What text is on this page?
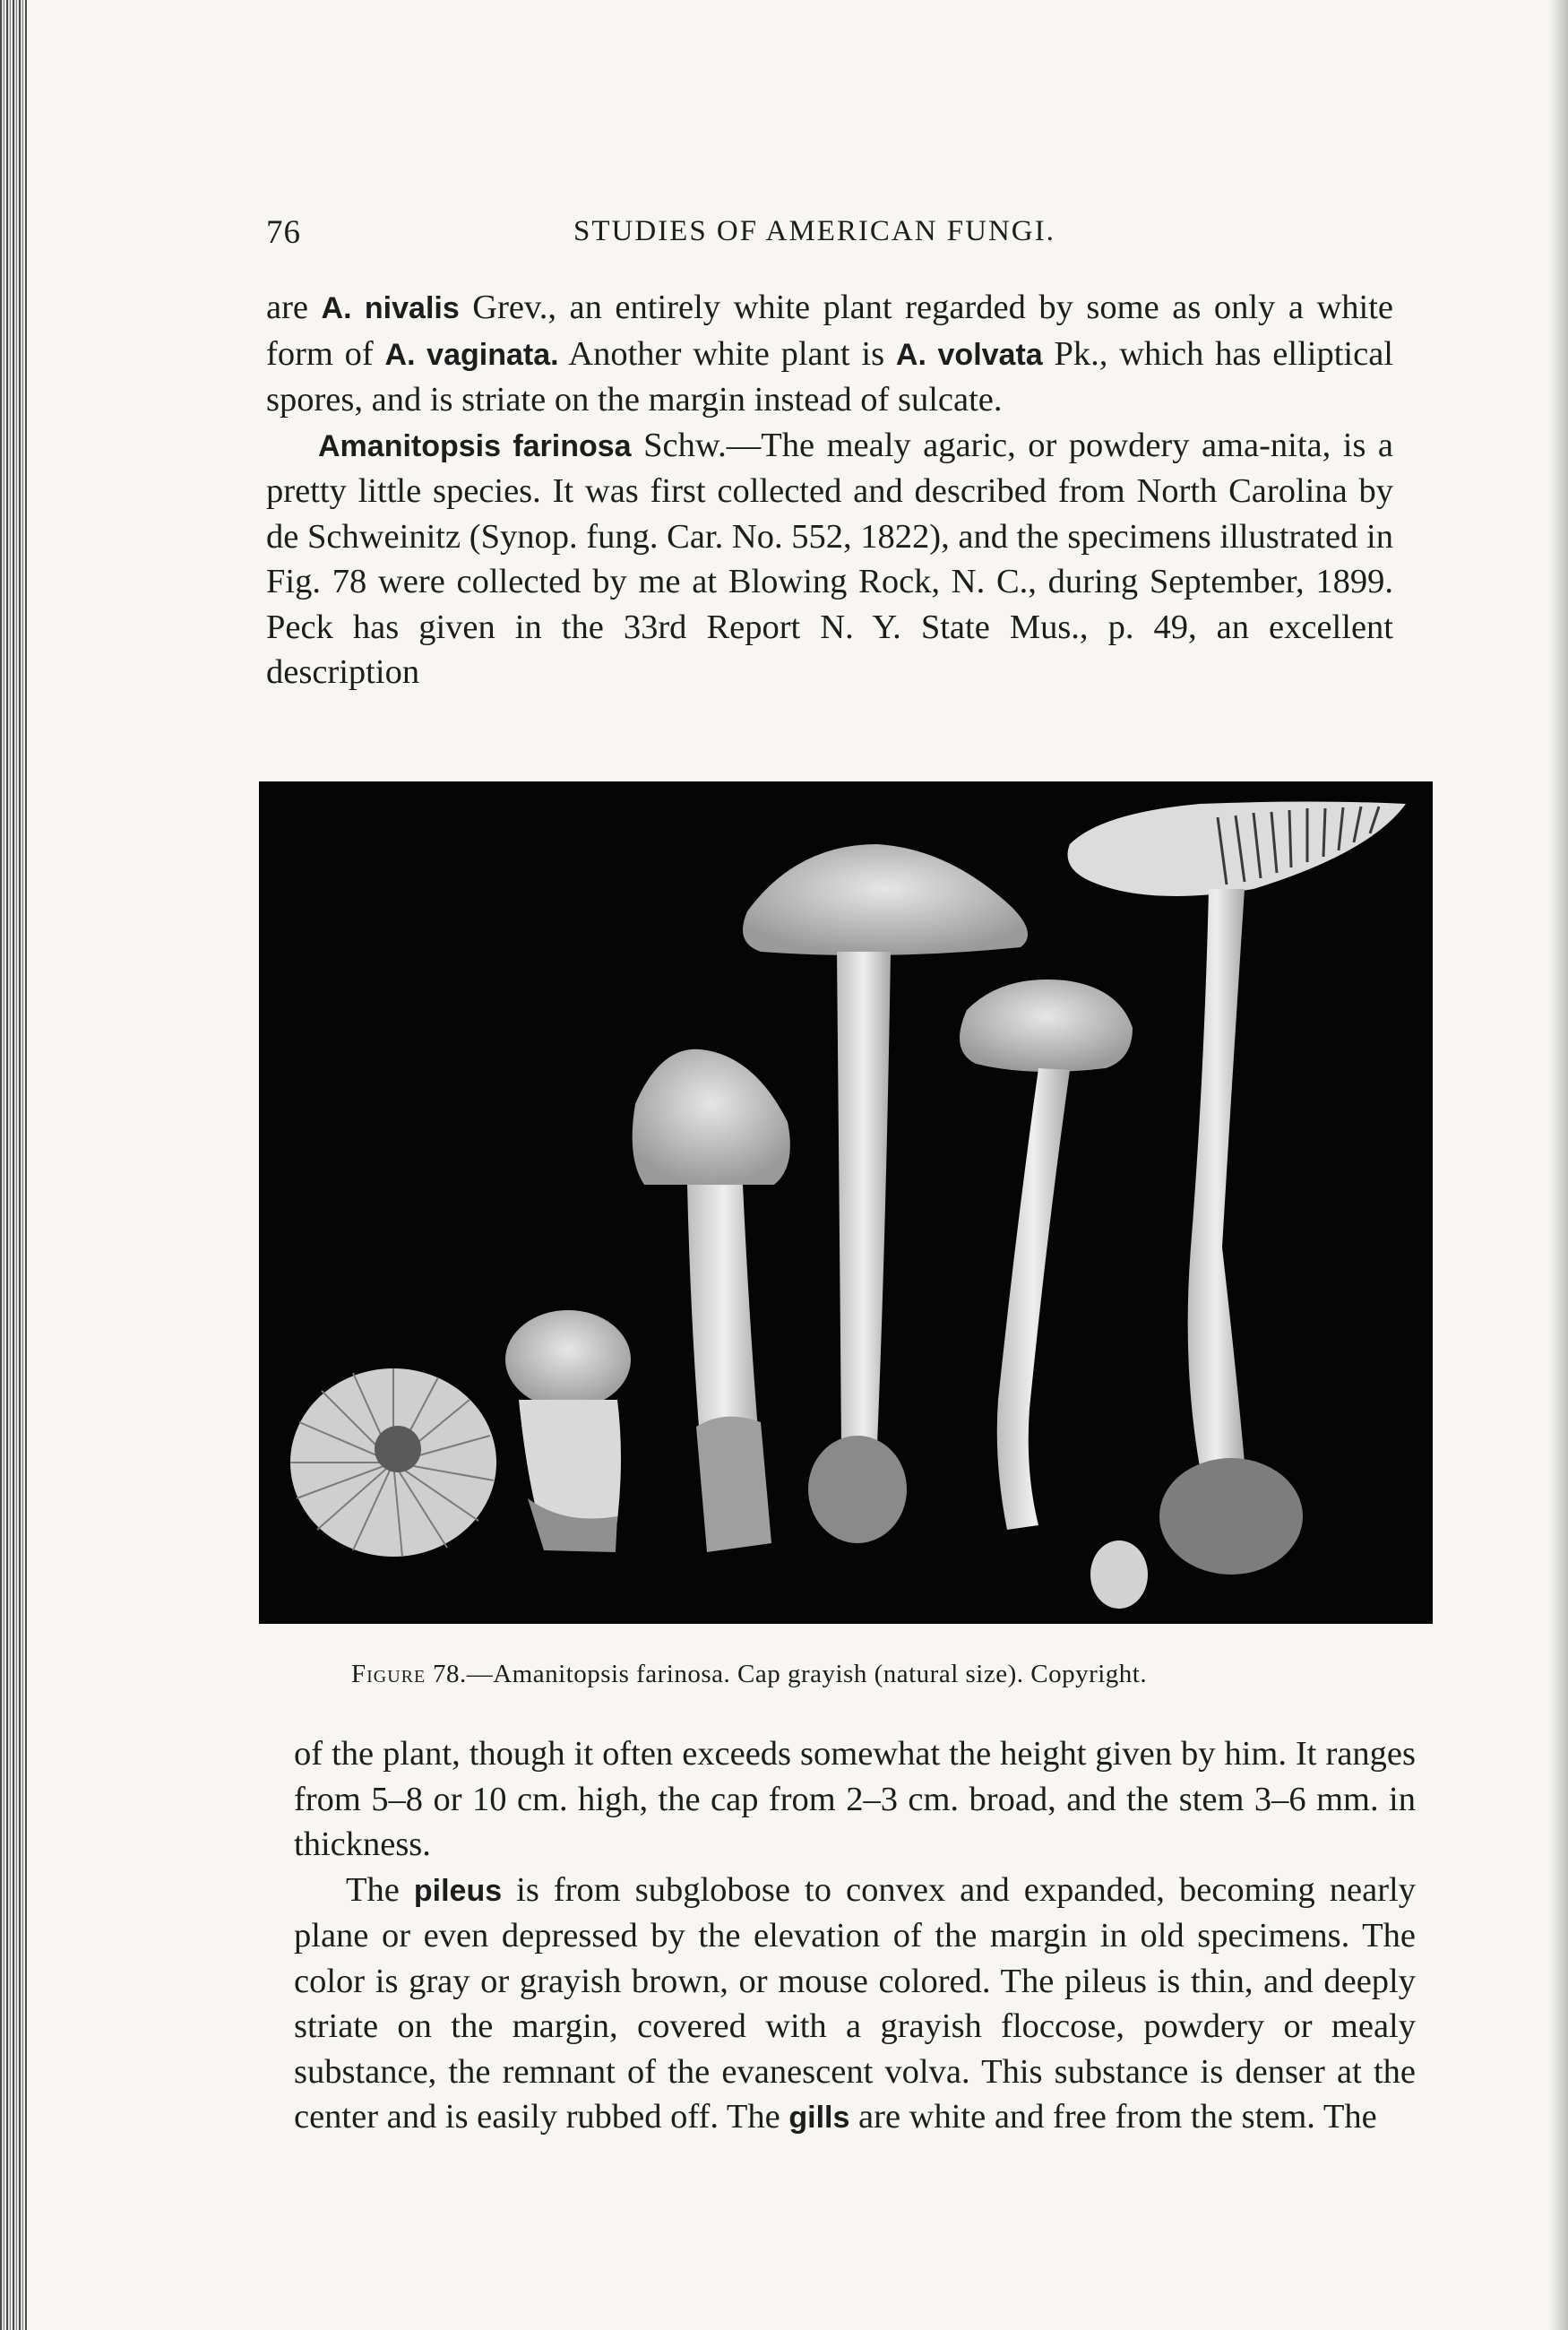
76	STUDIES OF AMERICAN FUNGI.

are A. nivalis Grev., an entirely white plant regarded by some as only a white form of A. vaginata. Another white plant is A. volvata Pk., which has elliptical spores, and is striate on the margin instead of sulcate.

Amanitopsis farinosa Schw.—The mealy agaric, or powdery ama-nita, is a pretty little species. It was first collected and described from North Carolina by de Schweinitz (Synop. fung. Car. No. 552, 1822), and the specimens illustrated in Fig. 78 were collected by me at Blowing Rock, N. C., during September, 1899. Peck has given in the 33rd Report N. Y. State Mus., p. 49, an excellent description

Figure 78.—Amanitopsis farinosa. Cap grayish (natural size). Copyright.

of the plant, though it often exceeds somewhat the height given by him. It ranges from 5–8 or 10 cm. high, the cap from 2–3 cm. broad, and the stem 3–6 mm. in thickness.

The pileus is from subglobose to convex and expanded, becoming nearly plane or even depressed by the elevation of the margin in old specimens. The color is gray or grayish brown, or mouse colored. The pileus is thin, and deeply striate on the margin, covered with a grayish floccose, powdery or mealy substance, the remnant of the evanescent volva. This substance is denser at the center and is easily rubbed off. The gills are white and free from the stem. The
